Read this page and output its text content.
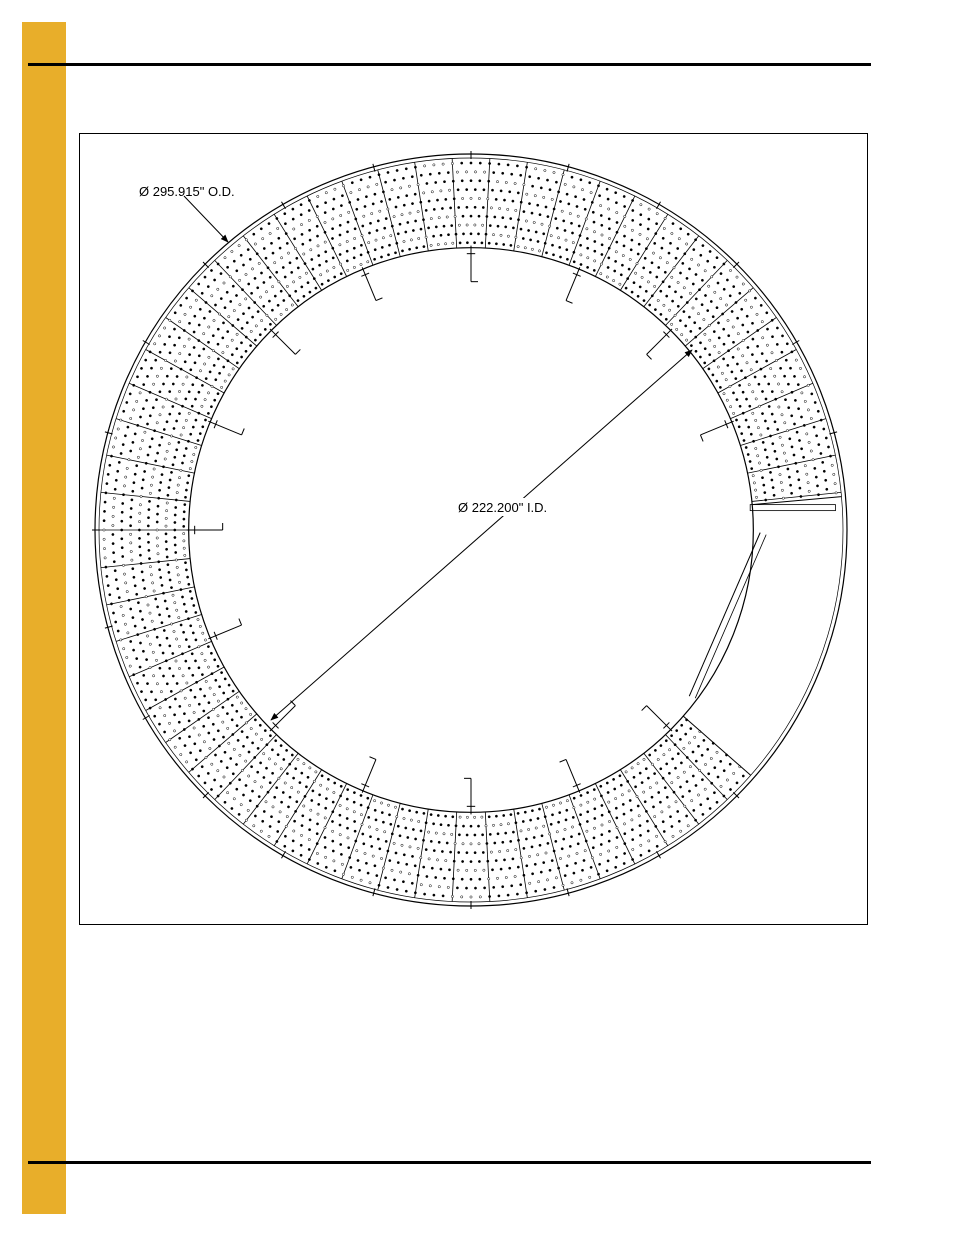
Ø 295.915" O.D.
Ø 222.200" I.D.
